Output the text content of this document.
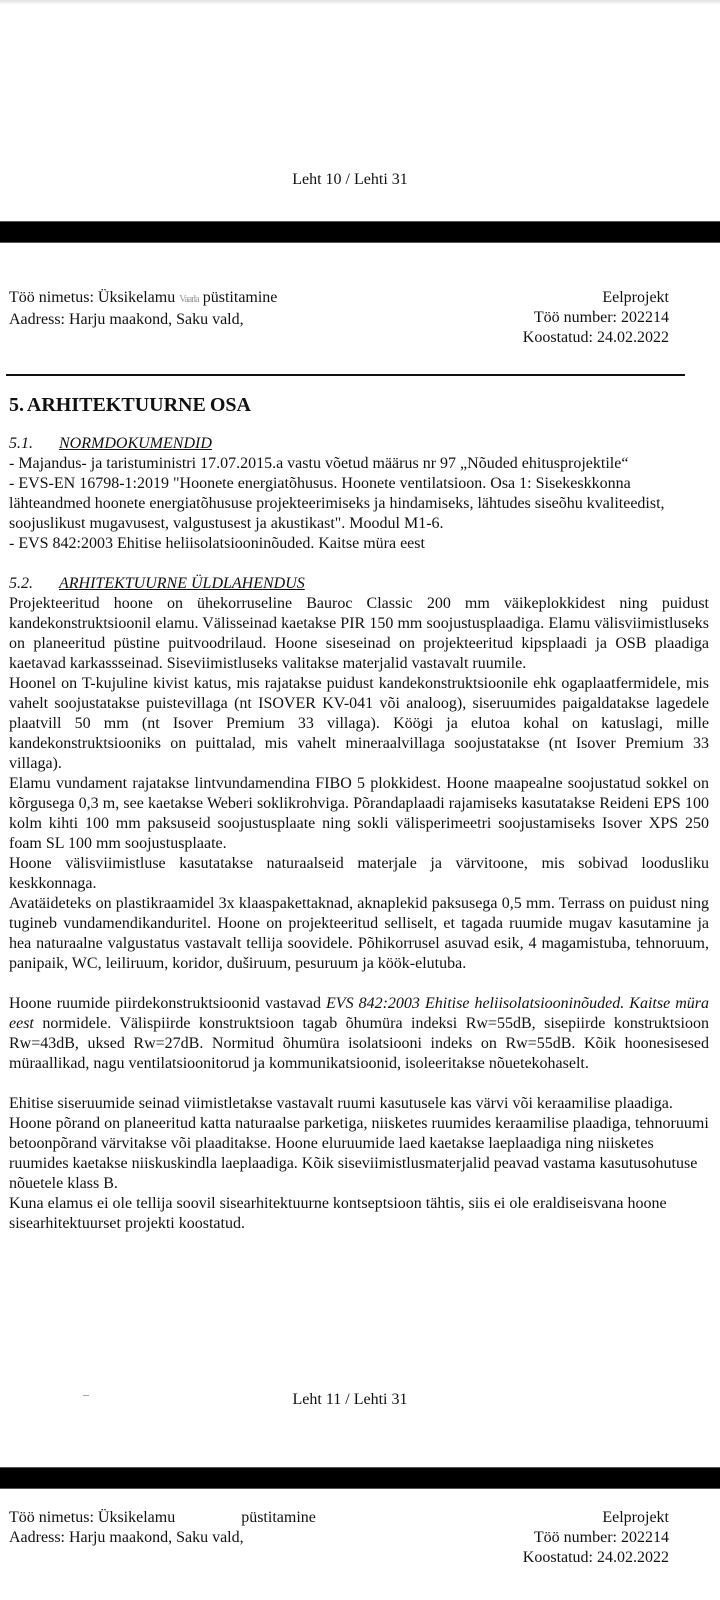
Leht 10 / Lehti 31
Töö nimetus: Üksikelamu Vaarla püstitamine
Aadress: Harju maakond, Saku vald,
Eelprojekt
Töö number: 202214
Koostatud: 24.02.2022
5. ARHITEKTUURNE OSA
5.1. NORMDOKUMENDID

- Majandus- ja taristuministri 17.07.2015.a vastu võetud määrus nr 97 „Nõuded ehitusprojektile“

- EVS-EN 16798-1:2019 "Hoonete energiatõhusus. Hoonete ventilatsioon. Osa 1: Sisekeskkonna lähteandmed hoonete energiatõhususe projekteerimiseks ja hindamiseks, lähtudes siseõhu kvaliteedist, soojuslikust mugavusest, valgustusest ja akustikast". Moodul M1-6.

- EVS 842:2003 Ehitise heliisolatsiooninõuded. Kaitse müra eest

5.2. ARHITEKTUURNE ÜLDLAHENDUS

Projekteeritud hoone on ühekorruseline Bauroc Classic 200 mm väikeplokkidest ning puidust kandekonstruktsioonil elamu. Välisseinad kaetakse PIR 150 mm soojustusplaadiga. Elamu välisviimistluseks on planeeritud püstine puitvoodrilaud. Hoone siseseinad on projekteeritud kipsplaadi ja OSB plaadiga kaetavad karkassseinad. Siseviimistluseks valitakse materjalid vastavalt ruumile.

Hoonel on T-kujuline kivist katus, mis rajatakse puidust kandekonstruktsioonile ehk ogaplaatfermidele, mis vahelt soojustatakse puistevillaga (nt ISOVER KV-041 või analoog), siseruumides paigaldatakse lagedele plaatvill 50 mm (nt Isover Premium 33 villaga). Köögi ja elutoa kohal on katuslagi, mille kandekonstruktsiooniks on puittalad, mis vahelt mineraalvillaga soojustatakse (nt Isover Premium 33 villaga).

Elamu vundament rajatakse lintvundamendina FIBO 5 plokkidest. Hoone maapealne soojustatud sokkel on kõrgusega 0,3 m, see kaetakse Weberi soklikrohviga. Põrandaplaadi rajamiseks kasutatakse Reideni EPS 100 kolm kihti 100 mm paksuseid soojustusplaate ning sokli välisperimeetri soojustamiseks Isover XPS 250 foam SL 100 mm soojustusplaate.

Hoone välisviimistluse kasutatakse naturaalseid materjale ja värvitoone, mis sobivad loodusliku keskkonnaga.

Avatäideteks on plastikraamidel 3x klaaspakettaknad, aknaplekid paksusega 0,5 mm. Terrass on puidust ning tugineb vundamendikanduritel. Hoone on projekteeritud selliselt, et tagada ruumide mugav kasutamine ja hea naturaalne valgustatus vastavalt tellija soovidele. Põhikorrusel asuvad esik, 4 magamistuba, tehnoruum, panipaik, WC, leiliruum, koridor, duširuum, pesuruum ja köök-elutuba.

Hoone ruumide piirdekonstruktsioonid vastavad EVS 842:2003 Ehitise heliisolatsiooninõuded. Kaitse müra eest normidele. Välispiirde konstruktsioon tagab õhumüra indeksi Rw=55dB, sisepiirde konstruktsioon Rw=43dB, uksed Rw=27dB. Normitud õhumüra isolatsiooni indeks on Rw=55dB. Kõik hoonesisesed müraallikad, nagu ventilatsioonitorud ja kommunikatsioonid, isoleeritakse nõuetekohaselt.

Ehitise siseruumide seinad viimistletakse vastavalt ruumi kasutusele kas värvi või keraamilise plaadiga. Hoone põrand on planeeritud katta naturaalse parketiga, niisketes ruumides keraamilise plaadiga, tehnoruumi betoonpõrand värvitakse või plaaditakse. Hoone eluruumide laed kaetakse laeplaadiga ning niisketes ruumides kaetakse niiskuskindla laeplaadiga. Kõik siseviimistlusmaterjalid peavad vastama kasutusohutuse nõuetele klass B.

Kuna elamus ei ole tellija soovil sisearhitektuurne kontseptsioon tähtis, siis ei ole eraldiseisvana hoone sisearhitektuurset projekti koostatud.

Leht 11 / Lehti 31
Töö nimetus: Üksikelamu	püstitamine
Aadress: Harju maakond, Saku vald,
Eelprojekt
Töö number: 202214
Koostatud: 24.02.2022
